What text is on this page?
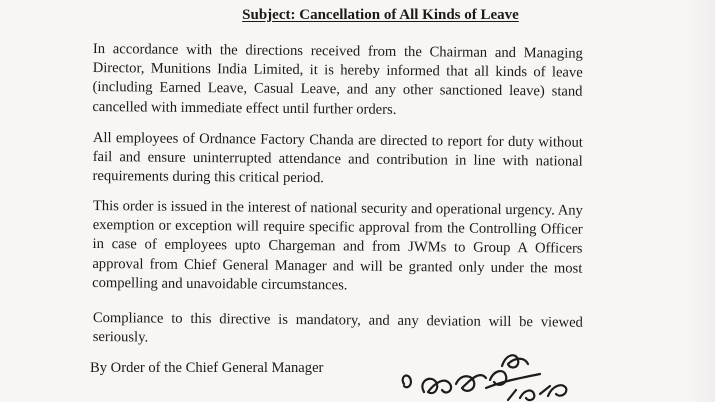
Subject: Cancellation of All Kinds of Leave

In accordance with the directions received from the Chairman and Managing Director, Munitions India Limited, it is hereby informed that all kinds of leave (including Earned Leave, Casual Leave, and any other sanctioned leave) stand cancelled with immediate effect until further orders.

All employees of Ordnance Factory Chanda are directed to report for duty without fail and ensure uninterrupted attendance and contribution in line with national requirements during this critical period.

This order is issued in the interest of national security and operational urgency. Any exemption or exception will require specific approval from the Controlling Officer in case of employees upto Chargeman and from JWMs to Group A Officers approval from Chief General Manager and will be granted only under the most compelling and unavoidable circumstances.

Compliance to this directive is mandatory, and any deviation will be viewed seriously.

By Order of the Chief General Manager
